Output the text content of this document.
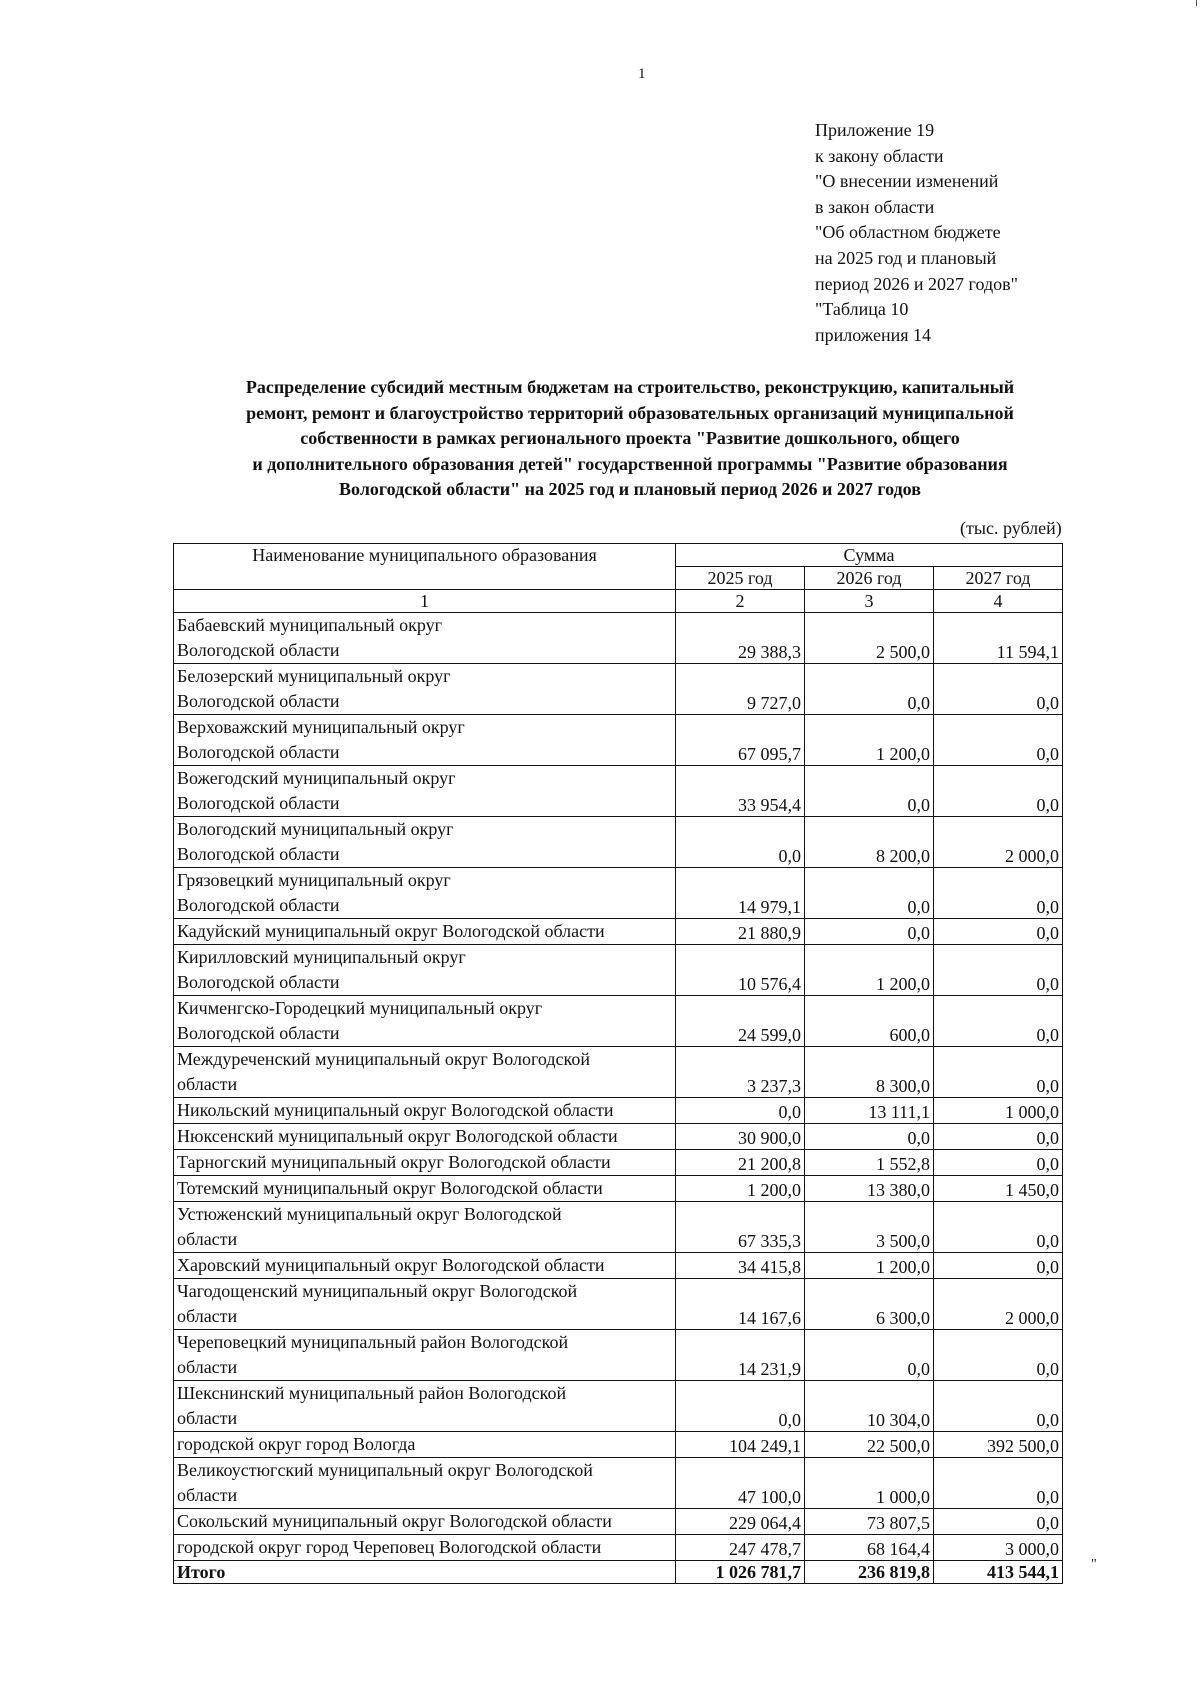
1
Приложение 19
к закону области
"О внесении изменений
в закон области
"Об областном бюджете
на 2025 год и плановый
период 2026 и 2027 годов"
"Таблица 10
приложения 14
Распределение субсидий местным бюджетам на строительство, реконструкцию, капитальный
ремонт, ремонт и благоустройство территорий образовательных организаций муниципальной
собственности в рамках регионального проекта "Развитие дошкольного, общего
и дополнительного образования детей" государственной программы "Развитие образования
Вологодской области" на 2025 год и плановый период 2026 и 2027 годов
(тыс. рублей)
Наименование муниципального образования	Сумма		
	2025 год	2026 год	2027 год
1	2	3	4

Бабаевский муниципальный округ
Вологодской области	29 388,3	2 500,0	11 594,1

Белозерский муниципальный округ
Вологодской области	9 727,0	0,0	0,0

Верховажский муниципальный округ
Вологодской области	67 095,7	1 200,0	0,0

Вожегодский муниципальный округ
Вологодской области	33 954,4	0,0	0,0

Вологодский муниципальный округ
Вологодской области	0,0	8 200,0	2 000,0

Грязовецкий муниципальный округ
Вологодской области	14 979,1	0,0	0,0

Кадуйский муниципальный округ Вологодской области	21 880,9	0,0	0,0

Кирилловский муниципальный округ
Вологодской области	10 576,4	1 200,0	0,0

Кичменгско-Городецкий муниципальный округ
Вологодской области	24 599,0	600,0	0,0

Междуреченский муниципальный округ Вологодской
области	3 237,3	8 300,0	0,0

Никольский муниципальный округ Вологодской области	0,0	13 111,1	1 000,0

Нюксенский муниципальный округ Вологодской области	30 900,0	0,0	0,0

Тарногский муниципальный округ Вологодской области	21 200,8	1 552,8	0,0

Тотемский муниципальный округ Вологодской области	1 200,0	13 380,0	1 450,0

Устюженский муниципальный округ Вологодской
области	67 335,3	3 500,0	0,0

Харовский муниципальный округ Вологодской области	34 415,8	1 200,0	0,0

Чагодощенский муниципальный округ Вологодской
области	14 167,6	6 300,0	2 000,0

Череповецкий муниципальный район Вологодской
области	14 231,9	0,0	0,0

Шекснинский муниципальный район Вологодской
области	0,0	10 304,0	0,0

городской округ город Вологда	104 249,1	22 500,0	392 500,0

Великоустюгский муниципальный округ Вологодской
области	47 100,0	1 000,0	0,0

Сокольский муниципальный округ Вологодской области	229 064,4	73 807,5	0,0

городской округ город Череповец Вологодской области	247 478,7	68 164,4	3 000,0
Итого	1 026 781,7	236 819,8	413 544,1 "
